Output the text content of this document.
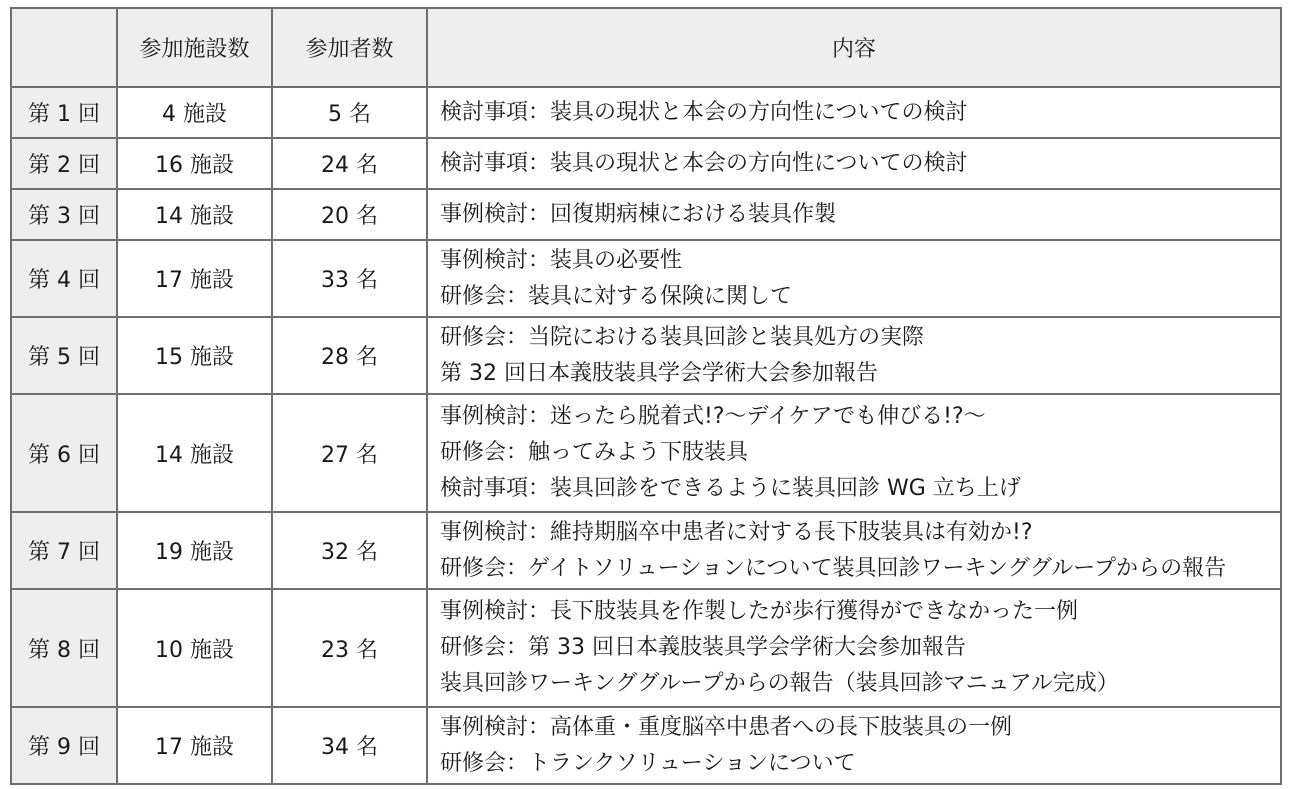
	参加施設数	参加者数	内容
第 1 回	4 施設	5 名	検討事項：装具の現状と本会の方向性についての検討

第 2 回	16 施設	24 名	検討事項：装具の現状と本会の方向性についての検討

第 3 回	14 施設	20 名	事例検討：回復期病棟における装具作製

第 4 回	17 施設	33 名	事例検討：装具の必要性
研修会：装具に対する保険に関して

第 5 回	15 施設	28 名	研修会：当院における装具回診と装具処方の実際
第 32 回日本義肢装具学会学術大会参加報告

第 6 回	14 施設	27 名	事例検討：迷ったら脱着式!?～デイケアでも伸びる!?～
研修会：触ってみよう下肢装具
検討事項：装具回診をできるように装具回診 WG 立ち上げ

第 7 回	19 施設	32 名	事例検討：維持期脳卒中患者に対する長下肢装具は有効か!?
研修会：ゲイトソリューションについて装具回診ワーキンググループからの報告

第 8 回	10 施設	23 名	事例検討：長下肢装具を作製したが歩行獲得ができなかった一例
研修会：第 33 回日本義肢装具学会学術大会参加報告
装具回診ワーキンググループからの報告（装具回診マニュアル完成）

第 9 回	17 施設	34 名	事例検討：高体重・重度脳卒中患者への長下肢装具の一例
研修会：トランクソリューションについて
